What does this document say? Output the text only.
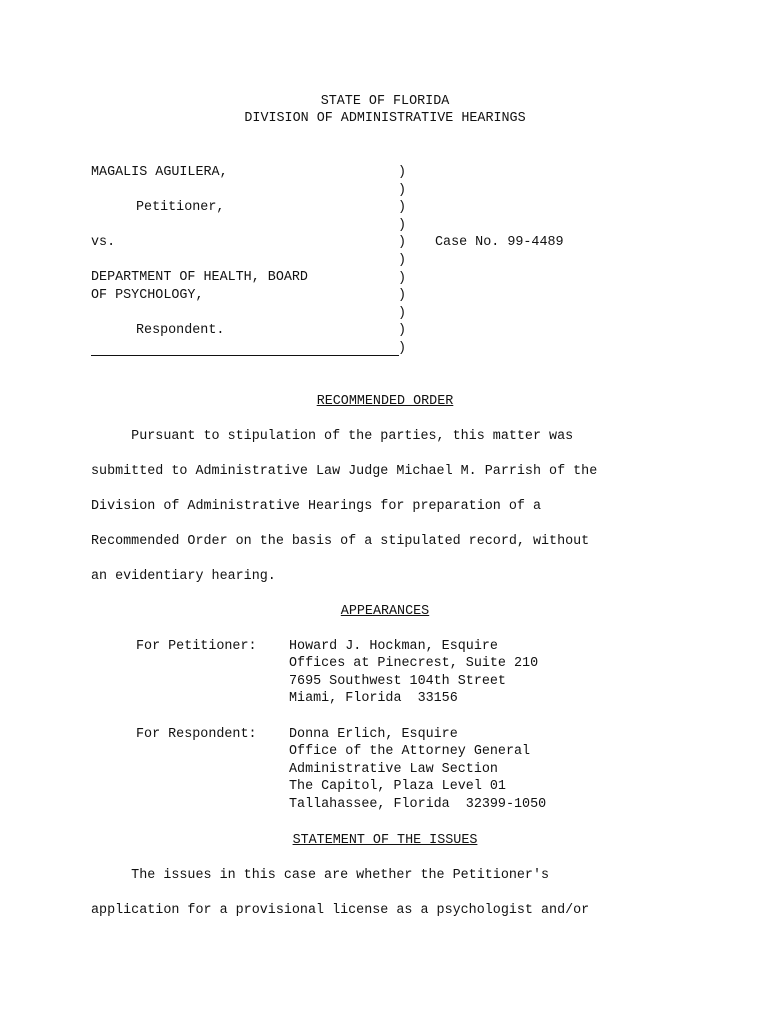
STATE OF FLORIDA
DIVISION OF ADMINISTRATIVE HEARINGS
MAGALIS AGUILERA,
Petitioner,
vs.
DEPARTMENT OF HEALTH, BOARD
OF PSYCHOLOGY,
Respondent.
)
)
)
)
)
)
)
)
)
)
)
Case No. 99-4489
RECOMMENDED ORDER
Pursuant to stipulation of the parties, this matter was
submitted to Administrative Law Judge Michael M. Parrish of the
Division of Administrative Hearings for preparation of a
Recommended Order on the basis of a stipulated record, without
an evidentiary hearing.
APPEARANCES
For Petitioner: Howard J. Hockman, Esquire
Offices at Pinecrest, Suite 210
7695 Southwest 104th Street
Miami, Florida  33156
For Respondent: Donna Erlich, Esquire
Office of the Attorney General
Administrative Law Section
The Capitol, Plaza Level 01
Tallahassee, Florida  32399-1050
STATEMENT OF THE ISSUES
The issues in this case are whether the Petitioner's
application for a provisional license as a psychologist and/or
